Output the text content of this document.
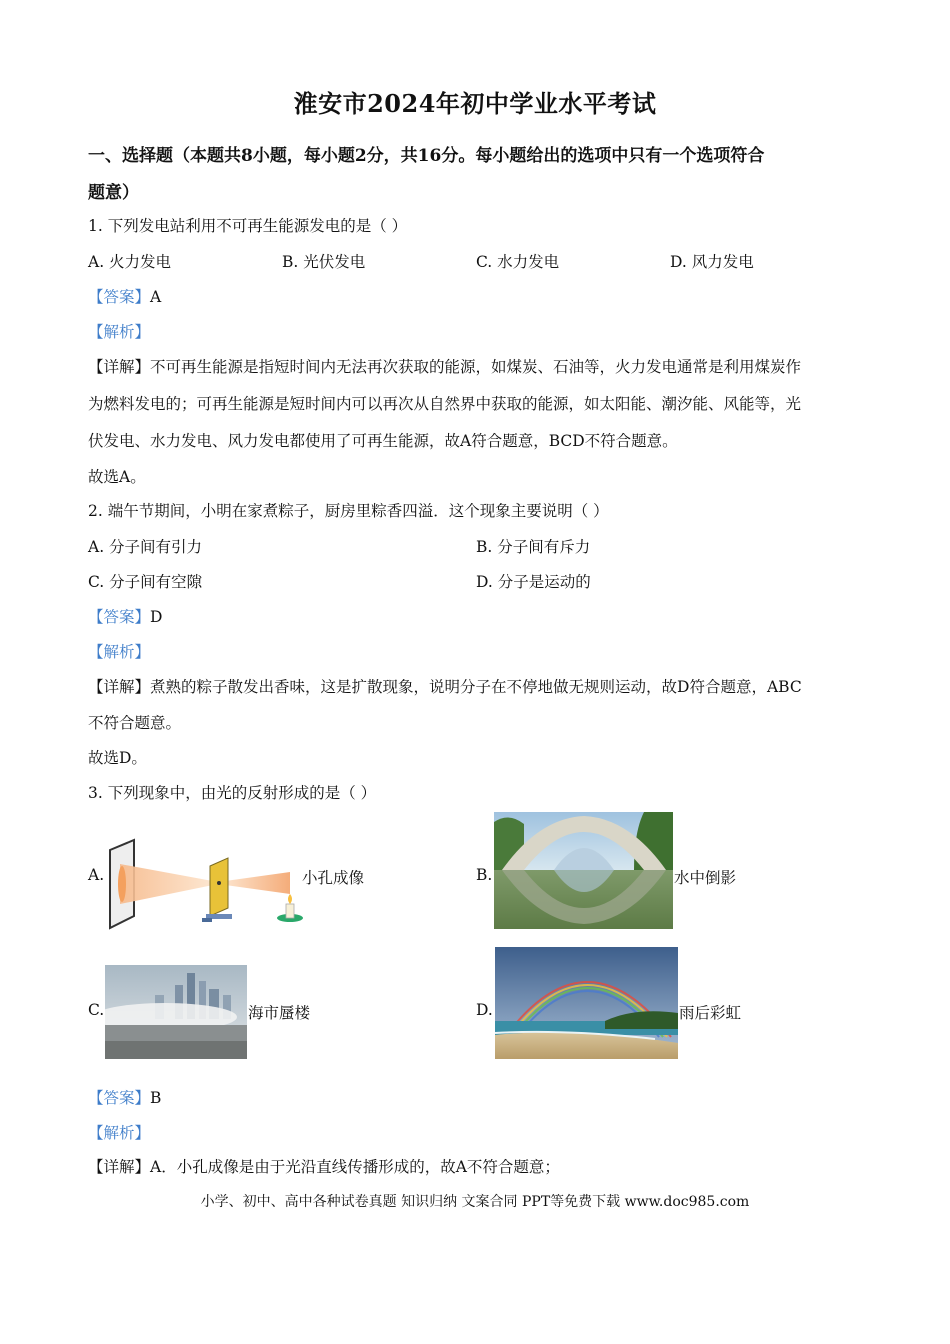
淮安市2024年初中学业水平考试
一、选择题（本题共8小题，每小题2分，共16分。每小题给出的选项中只有一个选项符合
题意）
1. 下列发电站利用不可再生能源发电的是（ ）
A. 火力发电	B. 光伏发电	C. 水力发电	D. 风力发电
【答案】A
【解析】
【详解】不可再生能源是指短时间内无法再次获取的能源，如煤炭、石油等，火力发电通常是利用煤炭作
为燃料发电的；可再生能源是短时间内可以再次从自然界中获取的能源，如太阳能、潮汐能、风能等，光
伏发电、水力发电、风力发电都使用了可再生能源，故A符合题意，BCD不符合题意。
故选A。
2. 端午节期间，小明在家煮粽子，厨房里粽香四溢．这个现象主要说明（ ）
A. 分子间有引力	B. 分子间有斥力
C. 分子间有空隙	D. 分子是运动的
【答案】D
【解析】
【详解】煮熟的粽子散发出香味，这是扩散现象，说明分子在不停地做无规则运动，故D符合题意，ABC
不符合题意。
故选D。
3. 下列现象中，由光的反射形成的是（ ）
A.	小孔成像	B.	水中倒影
C.	海市蜃楼	D.	雨后彩虹
【答案】B
【解析】
【详解】A．小孔成像是由于光沿直线传播形成的，故A不符合题意；
小学、初中、高中各种试卷真题 知识归纳 文案合同 PPT等免费下载 www.doc985.com
